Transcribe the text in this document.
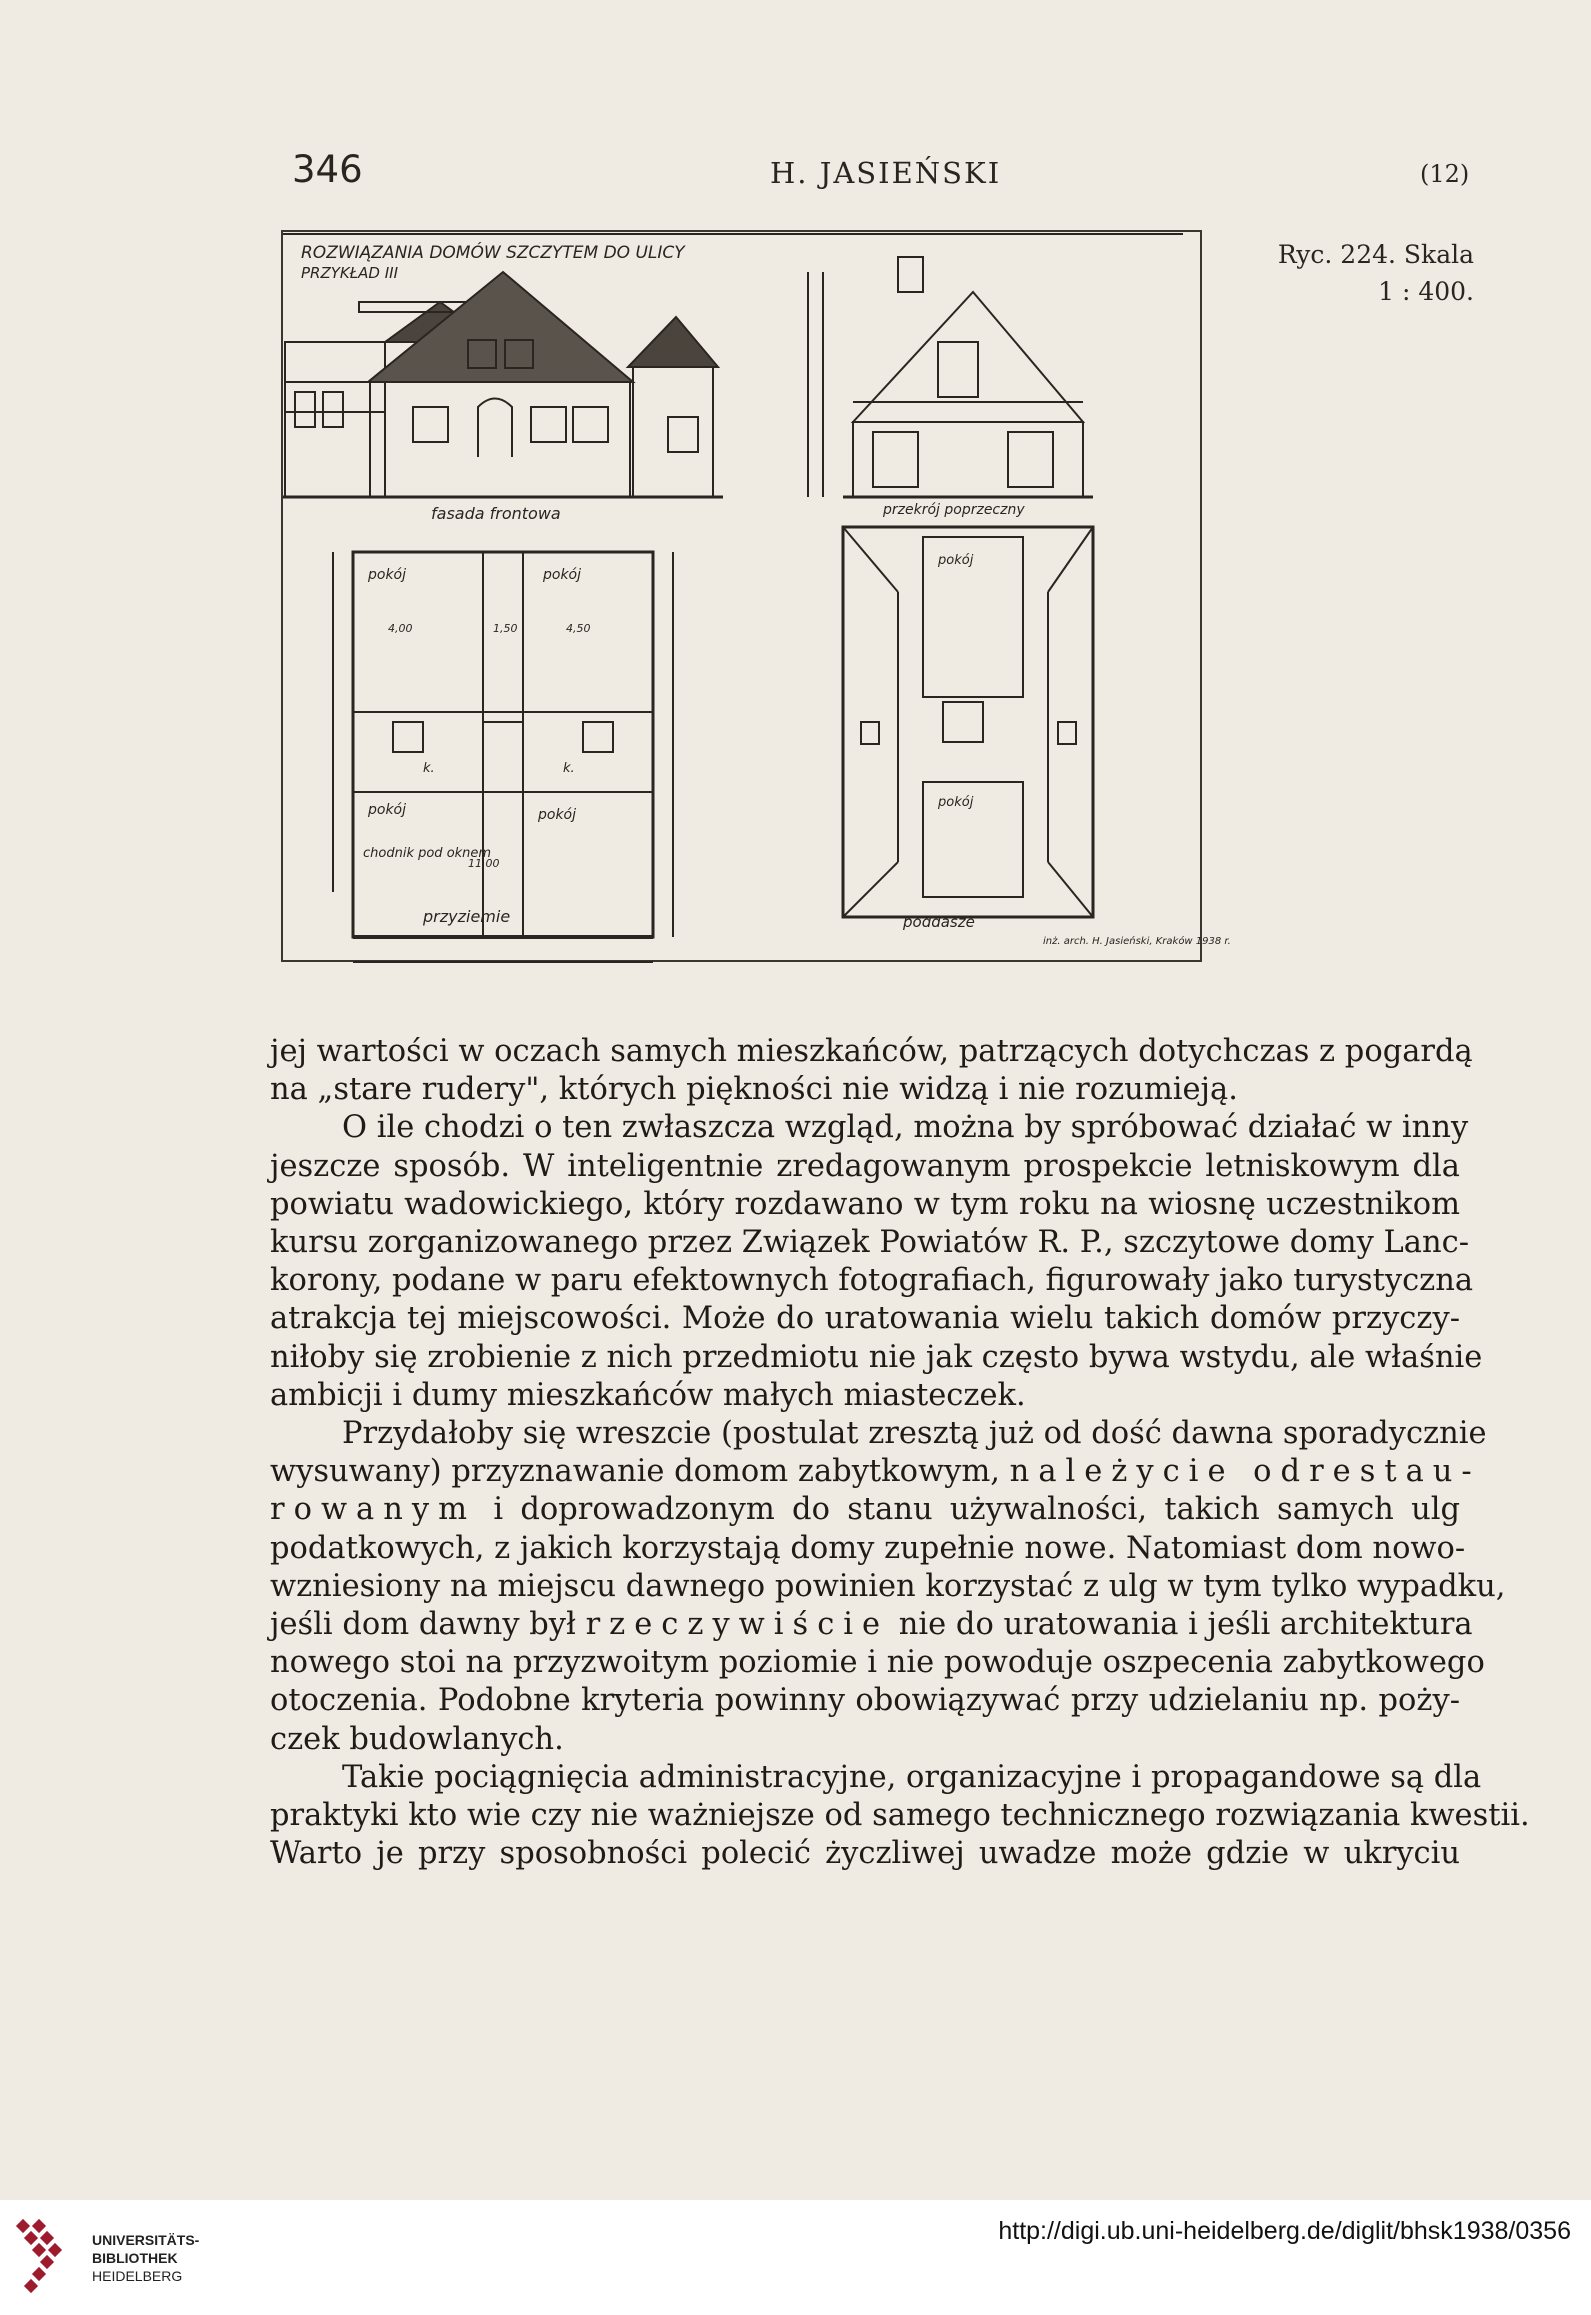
346	H. JASIEŃSKI	(12)
ROZWIĄZANIA DOMÓW SZCZYTEM DO ULICY
PRZYKŁAD III
fasada frontowa	przekrój poprzeczny
pokój	pokój
pokój	pokój
pokój
pokój
k.	k.
4,00	1,50	4,50
11,00
chodnik pod oknem
przyziemie	poddasze
inż. arch. H. Jasieński, Kraków 1938 r.
Ryc. 224. Skala
1 : 400.

jej wartości w oczach samych mieszkańców, patrzących dotychczas z pogardą
na „stare rudery", których piękności nie widzą i nie rozumieją.

O ile chodzi o ten zwłaszcza wzgląd, można by spróbować działać w inny
jeszcze sposób. W inteligentnie zredagowanym prospekcie letniskowym dla
powiatu wadowickiego, który rozdawano w tym roku na wiosnę uczestnikom
kursu zorganizowanego przez Związek Powiatów R. P., szczytowe domy Lanc-
korony, podane w paru efektownych fotografiach, figurowały jako turystyczna
atrakcja tej miejscowości. Może do uratowania wielu takich domów przyczy-
niłoby się zrobienie z nich przedmiotu nie jak często bywa wstydu, ale właśnie
ambicji i dumy mieszkańców małych miasteczek.

Przydałoby się wreszcie (postulat zresztą już od dość dawna sporadycznie
wysuwany) przyznawanie domom zabytkowym, należycie odrestau-
rowanym i doprowadzonym do stanu używalności, takich samych ulg
podatkowych, z jakich korzystają domy zupełnie nowe. Natomiast dom nowo-
wzniesiony na miejscu dawnego powinien korzystać z ulg w tym tylko wypadku,
jeśli dom dawny był rzeczywiście nie do uratowania i jeśli architektura
nowego stoi na przyzwoitym poziomie i nie powoduje oszpecenia zabytkowego
otoczenia. Podobne kryteria powinny obowiązywać przy udzielaniu np. poży-
czek budowlanych.

Takie pociągnięcia administracyjne, organizacyjne i propagandowe są dla
praktyki kto wie czy nie ważniejsze od samego technicznego rozwiązania kwestii.
Warto je przy sposobności polecić życzliwej uwadze może gdzie w ukryciu

UNIVERSITÄTS-
BIBLIOTHEK
HEIDELBERG
http://digi.ub.uni-heidelberg.de/diglit/bhsk1938/0356
